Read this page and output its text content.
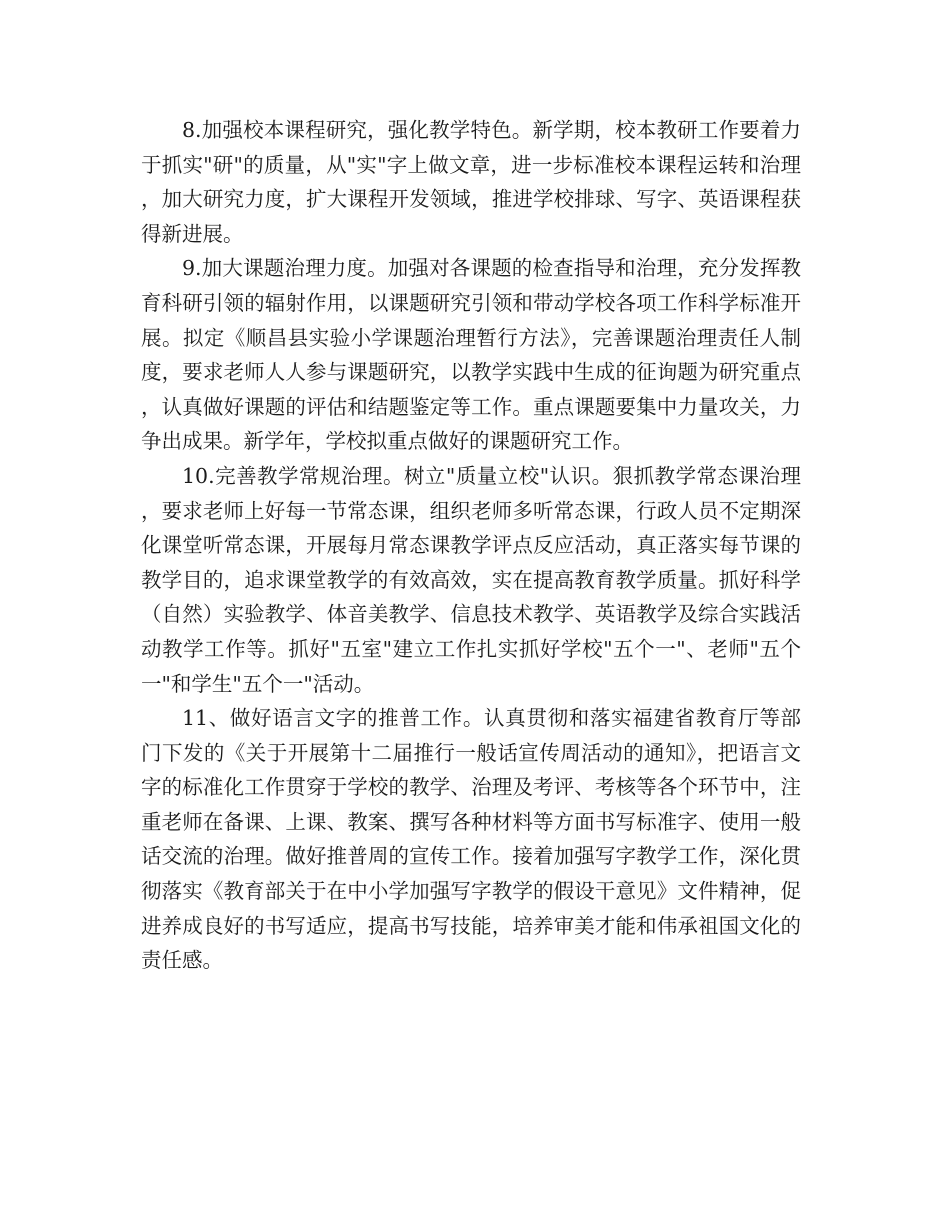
8.加强校本课程研究，强化教学特色。新学期，校本教研工作要着力于抓实"研"的质量，从"实"字上做文章，进一步标准校本课程运转和治理，加大研究力度，扩大课程开发领域，推进学校排球、写字、英语课程获得新进展。

9.加大课题治理力度。加强对各课题的检查指导和治理，充分发挥教育科研引领的辐射作用，以课题研究引领和带动学校各项工作科学标准开展。拟定《顺昌县实验小学课题治理暂行方法》，完善课题治理责任人制度，要求老师人人参与课题研究，以教学实践中生成的征询题为研究重点，认真做好课题的评估和结题鉴定等工作。重点课题要集中力量攻关，力争出成果。新学年，学校拟重点做好的课题研究工作。

10.完善教学常规治理。树立"质量立校"认识。狠抓教学常态课治理，要求老师上好每一节常态课，组织老师多听常态课，行政人员不定期深化课堂听常态课，开展每月常态课教学评点反应活动，真正落实每节课的教学目的，追求课堂教学的有效高效，实在提高教育教学质量。抓好科学（自然）实验教学、体音美教学、信息技术教学、英语教学及综合实践活动教学工作等。抓好"五室"建立工作扎实抓好学校"五个一"、老师"五个一"和学生"五个一"活动。

11、做好语言文字的推普工作。认真贯彻和落实福建省教育厅等部门下发的《关于开展第十二届推行一般话宣传周活动的通知》，把语言文字的标准化工作贯穿于学校的教学、治理及考评、考核等各个环节中，注重老师在备课、上课、教案、撰写各种材料等方面书写标准字、使用一般话交流的治理。做好推普周的宣传工作。接着加强写字教学工作，深化贯彻落实《教育部关于在中小学加强写字教学的假设干意见》文件精神，促进养成良好的书写适应，提高书写技能，培养审美才能和伟承祖国文化的责任感。
